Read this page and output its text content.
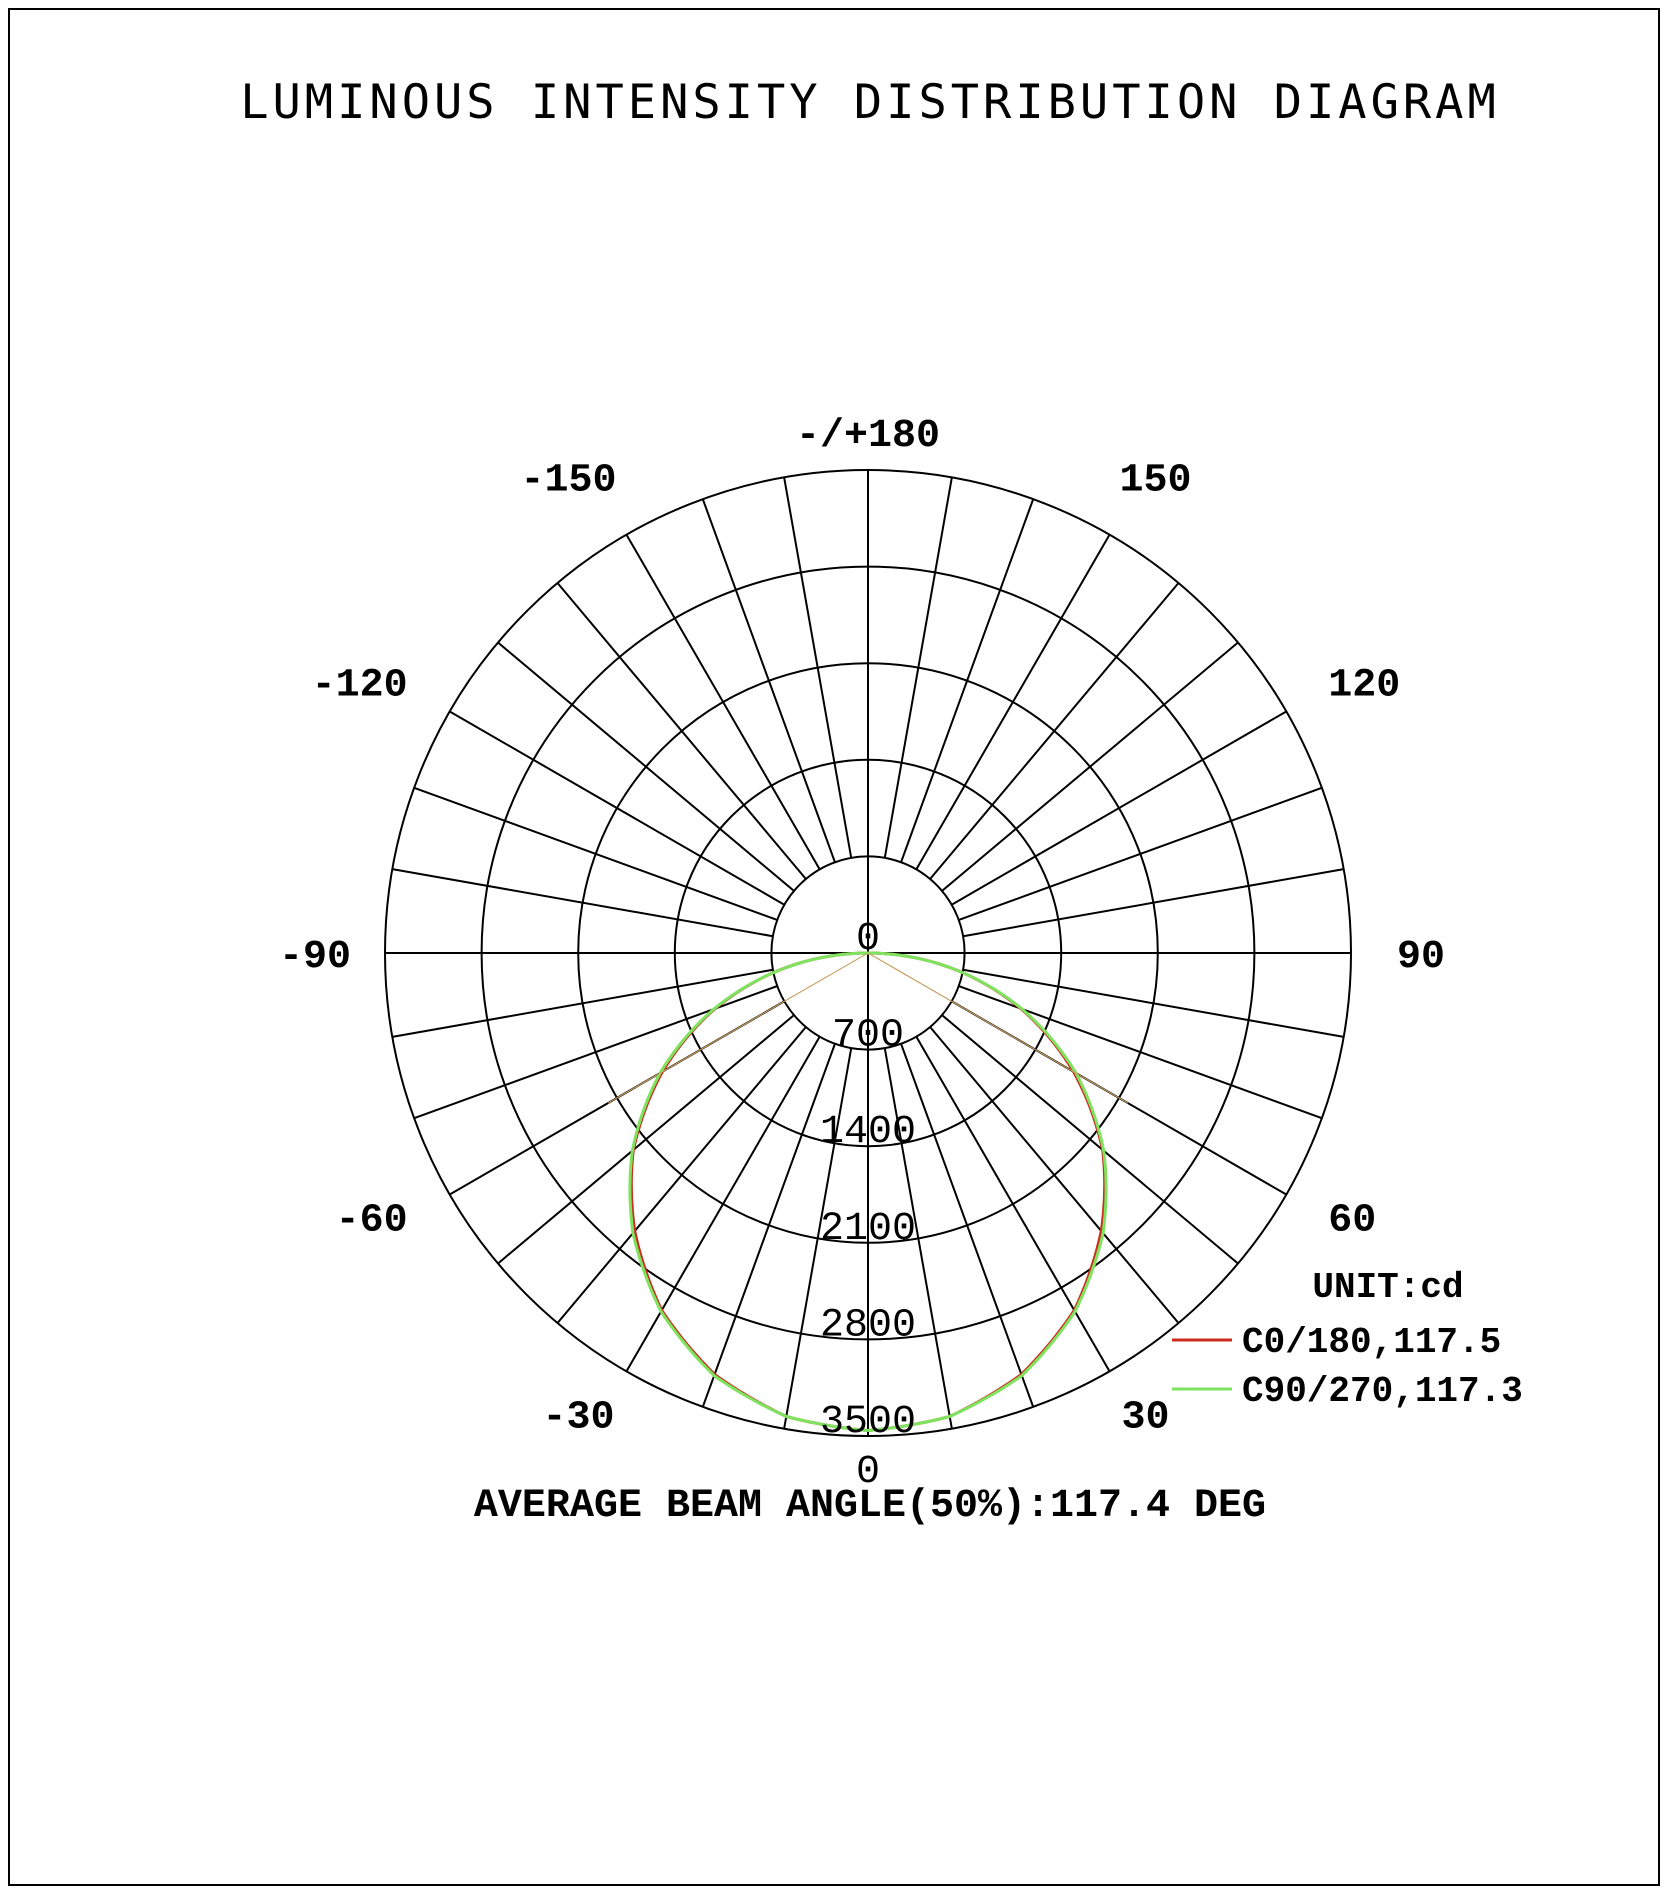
LUMINOUS INTENSITY DISTRIBUTION DIAGRAM
-/+180
-150	150
-120	120
-90	90
-60	60
-30	30
0
700
1400
2100
2800
3500
0
UNIT:cd
C0/180,117.5
C90/270,117.3
AVERAGE BEAM ANGLE(50%):117.4 DEG
